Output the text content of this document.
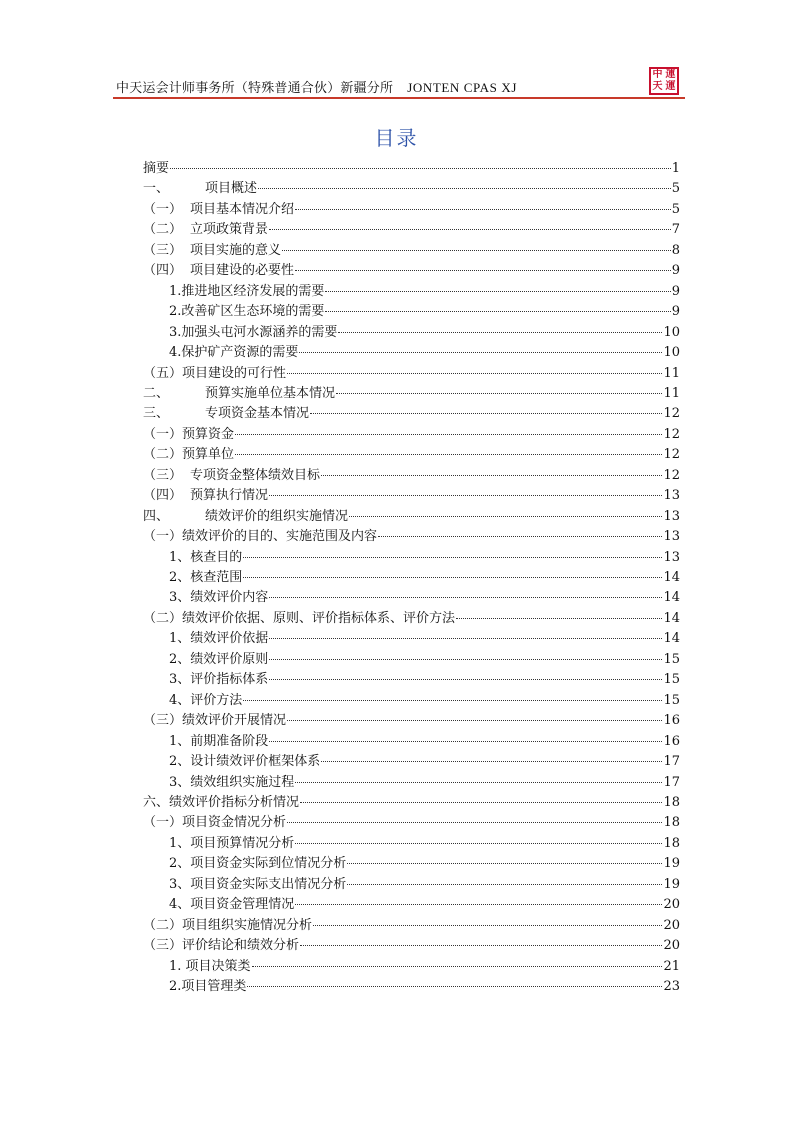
中天运会计师事务所（特殊普通合伙）新疆分所 JONTEN CPAS XJ
中 運
天 運
目录
摘要	1
一、	项目概述	5
（一） 项目基本情况介绍	5
（二） 立项政策背景	7
（三） 项目实施的意义	8
（四） 项目建设的必要性	9
1.推进地区经济发展的需要	9
2.改善矿区生态环境的需要	9
3.加强头屯河水源涵养的需要	10
4.保护矿产资源的需要	10
（五）项目建设的可行性	11
二、	预算实施单位基本情况	11
三、	专项资金基本情况	12
（一）预算资金	12
（二）预算单位	12
（三） 专项资金整体绩效目标	12
（四） 预算执行情况	13
四、	绩效评价的组织实施情况	13
（一）绩效评价的目的、实施范围及内容	13
1、核查目的	13
2、核查范围	14
3、绩效评价内容	14
（二）绩效评价依据、原则、评价指标体系、评价方法	14
1、绩效评价依据	14
2、绩效评价原则	15
3、评价指标体系	15
4、评价方法	15
（三）绩效评价开展情况	16
1、前期准备阶段	16
2、设计绩效评价框架体系	17
3、绩效组织实施过程	17
六、绩效评价指标分析情况	18
（一）项目资金情况分析	18
1、项目预算情况分析	18
2、项目资金实际到位情况分析	19
3、项目资金实际支出情况分析	19
4、项目资金管理情况	20
（二）项目组织实施情况分析	20
（三）评价结论和绩效分析	20
1. 项目决策类	21
2.项目管理类	23
